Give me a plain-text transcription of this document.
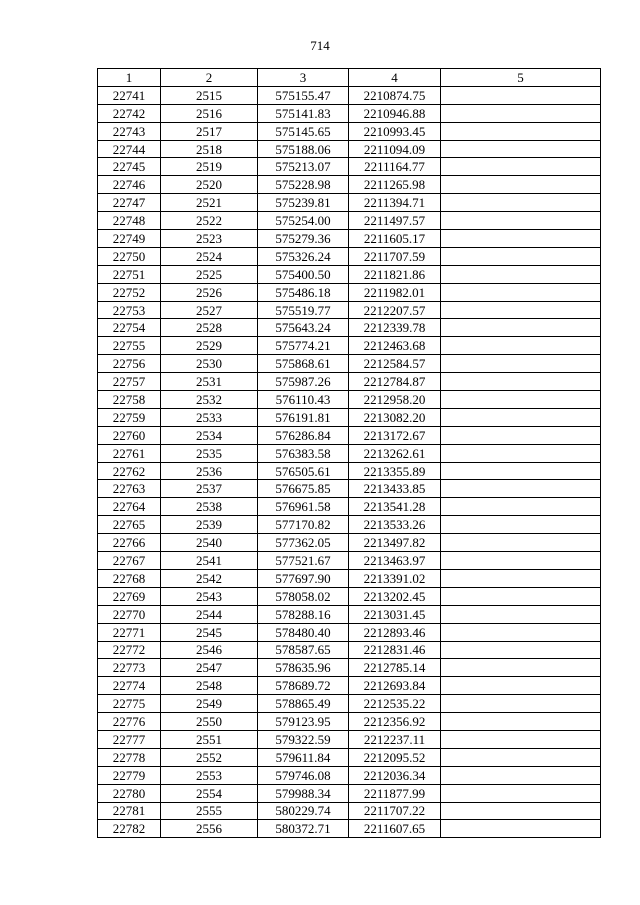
714
1	2	3	4	5
22741	2515	575155.47	2210874.75	
22742	2516	575141.83	2210946.88	
22743	2517	575145.65	2210993.45	
22744	2518	575188.06	2211094.09	
22745	2519	575213.07	2211164.77	
22746	2520	575228.98	2211265.98	
22747	2521	575239.81	2211394.71	
22748	2522	575254.00	2211497.57	
22749	2523	575279.36	2211605.17	
22750	2524	575326.24	2211707.59	
22751	2525	575400.50	2211821.86	
22752	2526	575486.18	2211982.01	
22753	2527	575519.77	2212207.57	
22754	2528	575643.24	2212339.78	
22755	2529	575774.21	2212463.68	
22756	2530	575868.61	2212584.57	
22757	2531	575987.26	2212784.87	
22758	2532	576110.43	2212958.20	
22759	2533	576191.81	2213082.20	
22760	2534	576286.84	2213172.67	
22761	2535	576383.58	2213262.61	
22762	2536	576505.61	2213355.89	
22763	2537	576675.85	2213433.85	
22764	2538	576961.58	2213541.28	
22765	2539	577170.82	2213533.26	
22766	2540	577362.05	2213497.82	
22767	2541	577521.67	2213463.97	
22768	2542	577697.90	2213391.02	
22769	2543	578058.02	2213202.45	
22770	2544	578288.16	2213031.45	
22771	2545	578480.40	2212893.46	
22772	2546	578587.65	2212831.46	
22773	2547	578635.96	2212785.14	
22774	2548	578689.72	2212693.84	
22775	2549	578865.49	2212535.22	
22776	2550	579123.95	2212356.92	
22777	2551	579322.59	2212237.11	
22778	2552	579611.84	2212095.52	
22779	2553	579746.08	2212036.34	
22780	2554	579988.34	2211877.99	
22781	2555	580229.74	2211707.22	
22782	2556	580372.71	2211607.65	
